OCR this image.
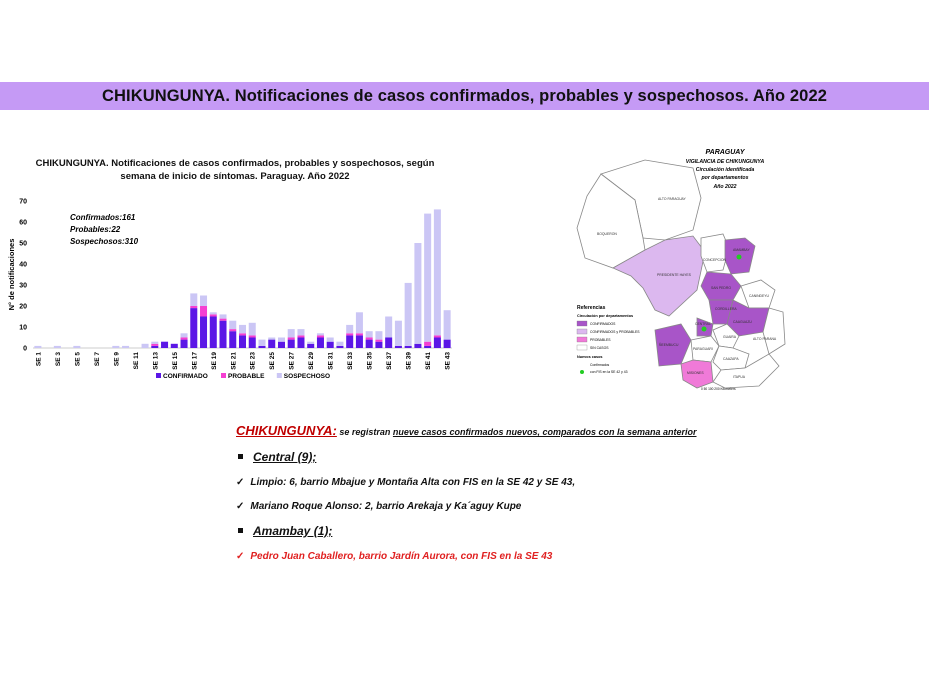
CHIKUNGUNYA. Notificaciones de casos confirmados, probables y sospechosos. Año 2022
CHIKUNGUNYA. Notificaciones de casos confirmados, probables y sospechosos, según
semana de inicio de síntomas. Paraguay. Año 2022
N° de notificaciones
0
10
20
30
40
50
60
70
SE 1 SE 3 SE 5 SE 7 SE 9 SE 11 SE 13 SE 15 SE 17 SE 19 SE 21 SE 23 SE 25 SE 27 SE 29 SE 31 SE 33 SE 35 SE 37 SE 39 SE 41 SE 43
Confirmados:161
Probables:22
Sospechosos:310
CONFIRMADO	PROBABLE	SOSPECHOSO
PARAGUAY
VIGILANCIA DE CHIKUNGUNYA
Circulación identificada
por departamentos
Año 2022
ALTO PARAGUAY
BOQUERON
PRESIDENTE HAYES
CONCEPCION
AMAMBAY
SAN PEDRO
CANINDEYU
CAAGUAZU
ALTO PARANA
CORDILLERA
CENTRAL
PARAGUARI
GUAIRA
CAAZAPA
MISIONES
ÑEEMBUCU
ITAPUA
Referencias
Circulación por departamentos
CONFIRMADOS
CONFIRMADOS y PROBABLES
PROBABLES
SIN CASOS
Nuevos casos
Confirmados
con FIS en la SE 42 y 43
0 50 100 200 Kilometers
CHIKUNGUNYA: se registran nueve casos confirmados nuevos, comparados con la semana anterior
Central (9);
✓ Limpio: 6, barrio Mbajue y Montaña Alta con FIS en la SE 42 y SE 43,
✓ Mariano Roque Alonso: 2, barrio Arekaja y Ka´aguy Kupe
Amambay (1);
✓ Pedro Juan Caballero, barrio Jardín Aurora, con FIS en la SE 43
